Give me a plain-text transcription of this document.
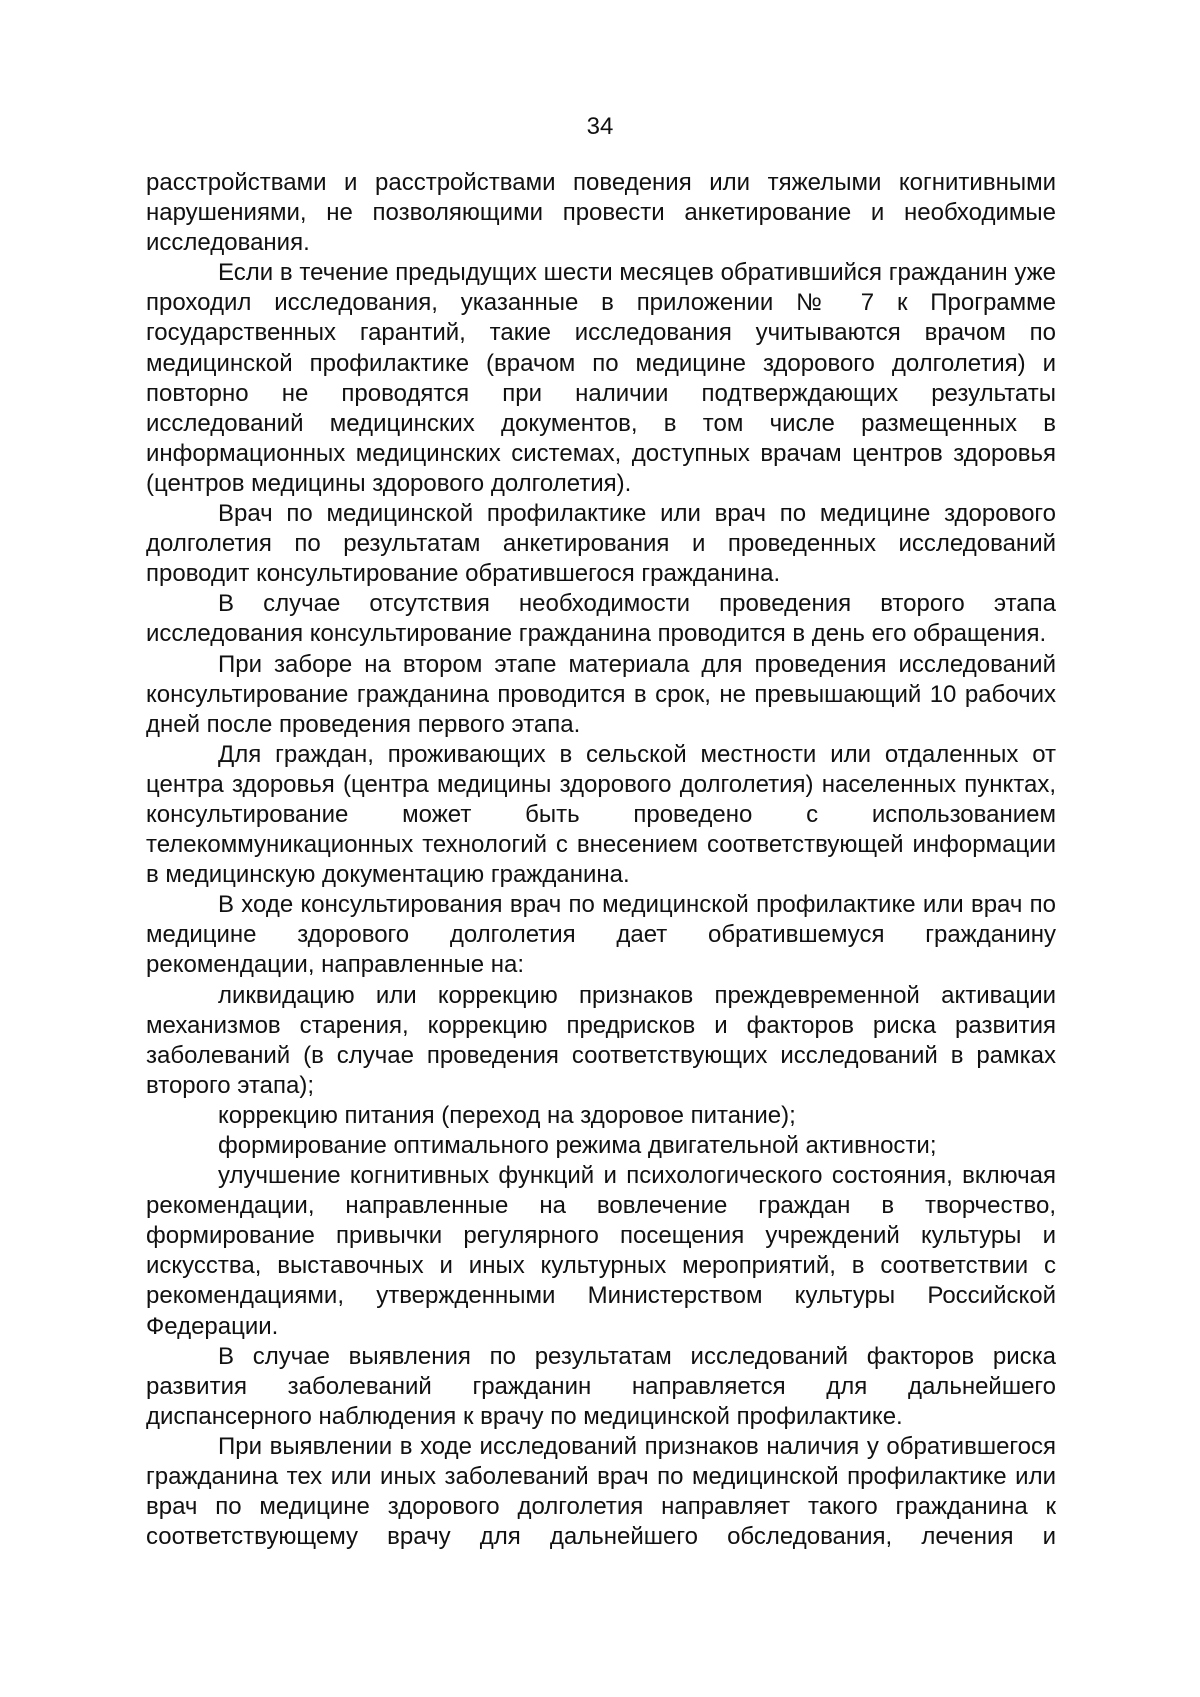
34

расстройствами и расстройствами поведения или тяжелыми когнитивными нарушениями, не позволяющими провести анкетирование и необходимые исследования.

Если в течение предыдущих шести месяцев обратившийся гражданин уже проходил исследования, указанные в приложении № 7 к Программе государственных гарантий, такие исследования учитываются врачом по медицинской профилактике (врачом по медицине здорового долголетия) и повторно не проводятся при наличии подтверждающих результаты исследований медицинских документов, в том числе размещенных в информационных медицинских системах, доступных врачам центров здоровья (центров медицины здорового долголетия).

Врач по медицинской профилактике или врач по медицине здорового долголетия по результатам анкетирования и проведенных исследований проводит консультирование обратившегося гражданина.

В случае отсутствия необходимости проведения второго этапа исследования консультирование гражданина проводится в день его обращения.

При заборе на втором этапе материала для проведения исследований консультирование гражданина проводится в срок, не превышающий 10 рабочих дней после проведения первого этапа.

Для граждан, проживающих в сельской местности или отдаленных от центра здоровья (центра медицины здорового долголетия) населенных пунктах, консультирование может быть проведено с использованием телекоммуникационных технологий с внесением соответствующей информации в медицинскую документацию гражданина.

В ходе консультирования врач по медицинской профилактике или врач по медицине здорового долголетия дает обратившемуся гражданину рекомендации, направленные на:

ликвидацию или коррекцию признаков преждевременной активации механизмов старения, коррекцию предрисков и факторов риска развития заболеваний (в случае проведения соответствующих исследований в рамках второго этапа);

коррекцию питания (переход на здоровое питание);

формирование оптимального режима двигательной активности;

улучшение когнитивных функций и психологического состояния, включая рекомендации, направленные на вовлечение граждан в творчество, формирование привычки регулярного посещения учреждений культуры и искусства, выставочных и иных культурных мероприятий, в соответствии с рекомендациями, утвержденными Министерством культуры Российской Федерации.

В случае выявления по результатам исследований факторов риска развития заболеваний гражданин направляется для дальнейшего диспансерного наблюдения к врачу по медицинской профилактике.

При выявлении в ходе исследований признаков наличия у обратившегося гражданина тех или иных заболеваний врач по медицинской профилактике или врач по медицине здорового долголетия направляет такого гражданина к соответствующему врачу для дальнейшего обследования, лечения и
